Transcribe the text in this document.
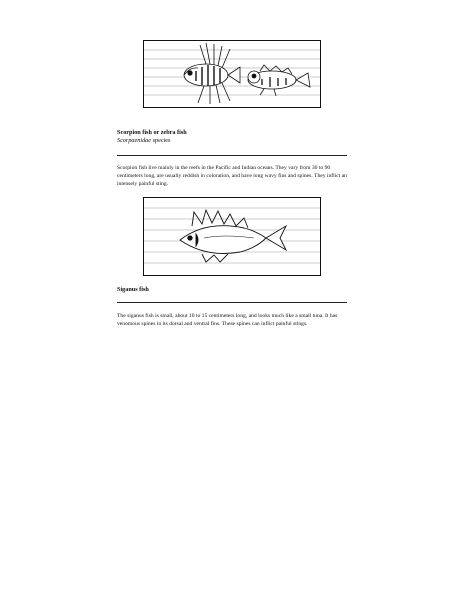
Scorpion fish or zebra fish
Scorpaenidae species
Scorpion fish live mainly in the reefs in the Pacific and Indian oceans. They vary from 30 to 90 centimeters long, are usually reddish in coloration, and have long wavy fins and spines. They inflict an intensely painful sting.
Siganus fish
The siganus fish is small, about 10 to 15 centimeters long, and looks much like a small tuna. It has venomous spines in its dorsal and ventral fins. These spines can inflict painful stings.
